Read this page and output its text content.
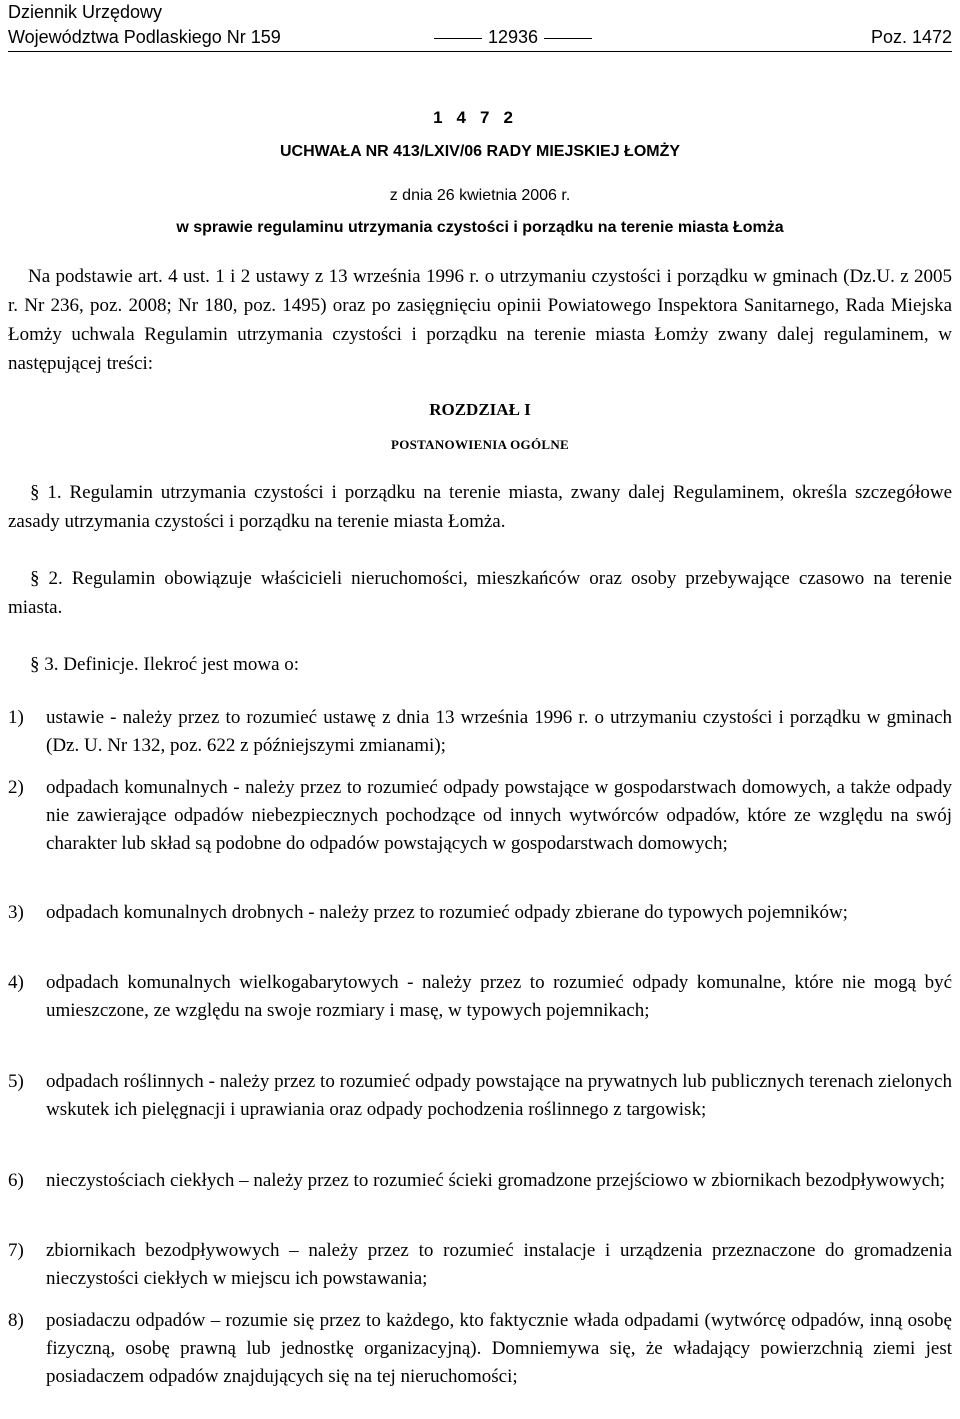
Dziennik Urzędowy
Województwa Podlaskiego Nr 159	12936	Poz. 1472
1472
UCHWAŁA NR 413/LXIV/06 RADY MIEJSKIEJ ŁOMŻY
z dnia 26 kwietnia 2006 r.
w sprawie regulaminu utrzymania czystości i porządku na terenie miasta Łomża

Na podstawie art. 4 ust. 1 i 2 ustawy z 13 września 1996 r. o utrzymaniu czystości i porządku w gminach (Dz.U. z 2005 r. Nr 236, poz. 2008; Nr 180, poz. 1495) oraz po zasięgnięciu opinii Powiatowego Inspektora Sanitarnego, Rada Miejska Łomży uchwala Regulamin utrzymania czystości i porządku na terenie miasta Łomży zwany dalej regulaminem, w następującej treści:

ROZDZIAŁ I
POSTANOWIENIA OGÓLNE

§ 1. Regulamin utrzymania czystości i porządku na terenie miasta, zwany dalej Regulaminem, określa szczegółowe zasady utrzymania czystości i porządku na terenie miasta Łomża.

§ 2. Regulamin obowiązuje właścicieli nieruchomości, mieszkańców oraz osoby przebywające czasowo na terenie miasta.

§ 3. Definicje. Ilekroć jest mowa o:

1) ustawie - należy przez to rozumieć ustawę z dnia 13 września 1996 r. o utrzymaniu czystości i porządku w gminach (Dz. U. Nr 132, poz. 622 z późniejszymi zmianami);
2) odpadach komunalnych - należy przez to rozumieć odpady powstające w gospodarstwach domowych, a także odpady nie zawierające odpadów niebezpiecznych pochodzące od innych wytwórców odpadów, które ze względu na swój charakter lub skład są podobne do odpadów powstających w gospodarstwach domowych;
3) odpadach komunalnych drobnych - należy przez to rozumieć odpady zbierane do typowych pojemników;
4) odpadach komunalnych wielkogabarytowych - należy przez to rozumieć odpady komunalne, które nie mogą być umieszczone, ze względu na swoje rozmiary i masę, w typowych pojemnikach;
5) odpadach roślinnych - należy przez to rozumieć odpady powstające na prywatnych lub publicznych terenach zielonych wskutek ich pielęgnacji i uprawiania oraz odpady pochodzenia roślinnego z targowisk;
6) nieczystościach ciekłych – należy przez to rozumieć ścieki gromadzone przejściowo w zbiornikach bezodpływowych;
7) zbiornikach bezodpływowych – należy przez to rozumieć instalacje i urządzenia przeznaczone do gromadzenia nieczystości ciekłych w miejscu ich powstawania;
8) posiadaczu odpadów – rozumie się przez to każdego, kto faktycznie włada odpadami (wytwórcę odpadów, inną osobę fizyczną, osobę prawną lub jednostkę organizacyjną). Domniemywa się, że władający powierzchnią ziemi jest posiadaczem odpadów znajdujących się na tej nieruchomości;
